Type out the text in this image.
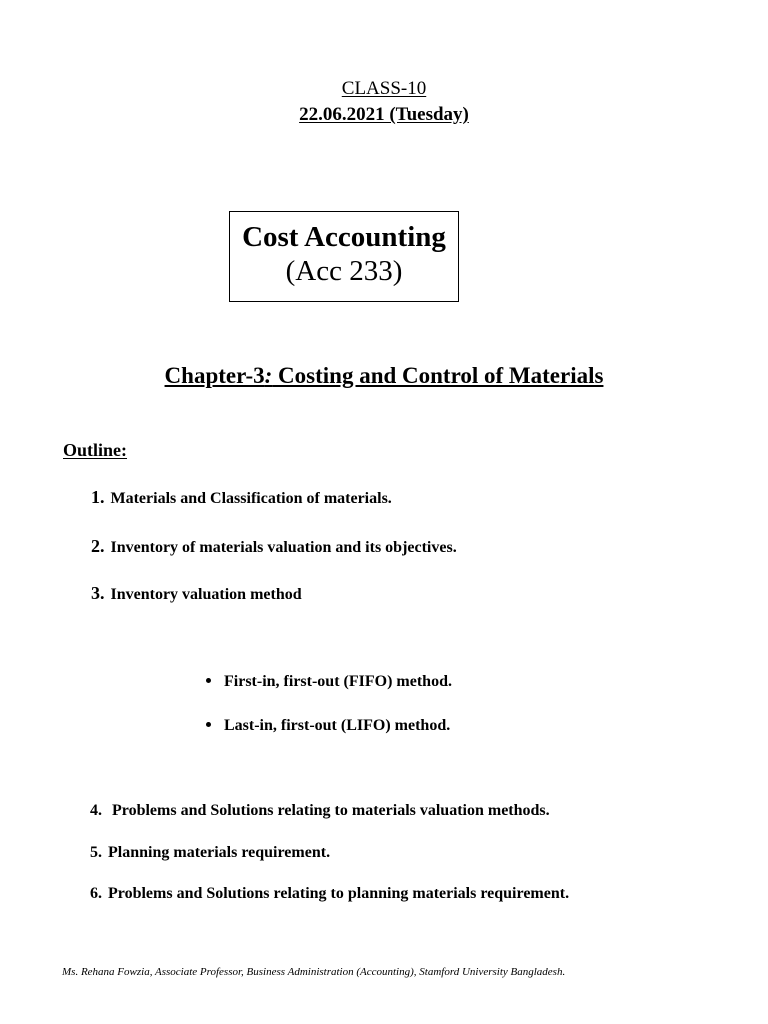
CLASS-10
22.06.2021 (Tuesday)
Cost Accounting
(Acc 233)
Chapter-3: Costing and Control of Materials
Outline:
1. Materials and Classification of materials.
2. Inventory of materials valuation and its objectives.
3. Inventory valuation method
First-in, first-out (FIFO) method.
Last-in, first-out (LIFO) method.
4. Problems and Solutions relating to materials valuation methods.
5. Planning materials requirement.
6. Problems and Solutions relating to planning materials requirement.
Ms. Rehana Fowzia, Associate Professor, Business Administration (Accounting), Stamford University Bangladesh.
